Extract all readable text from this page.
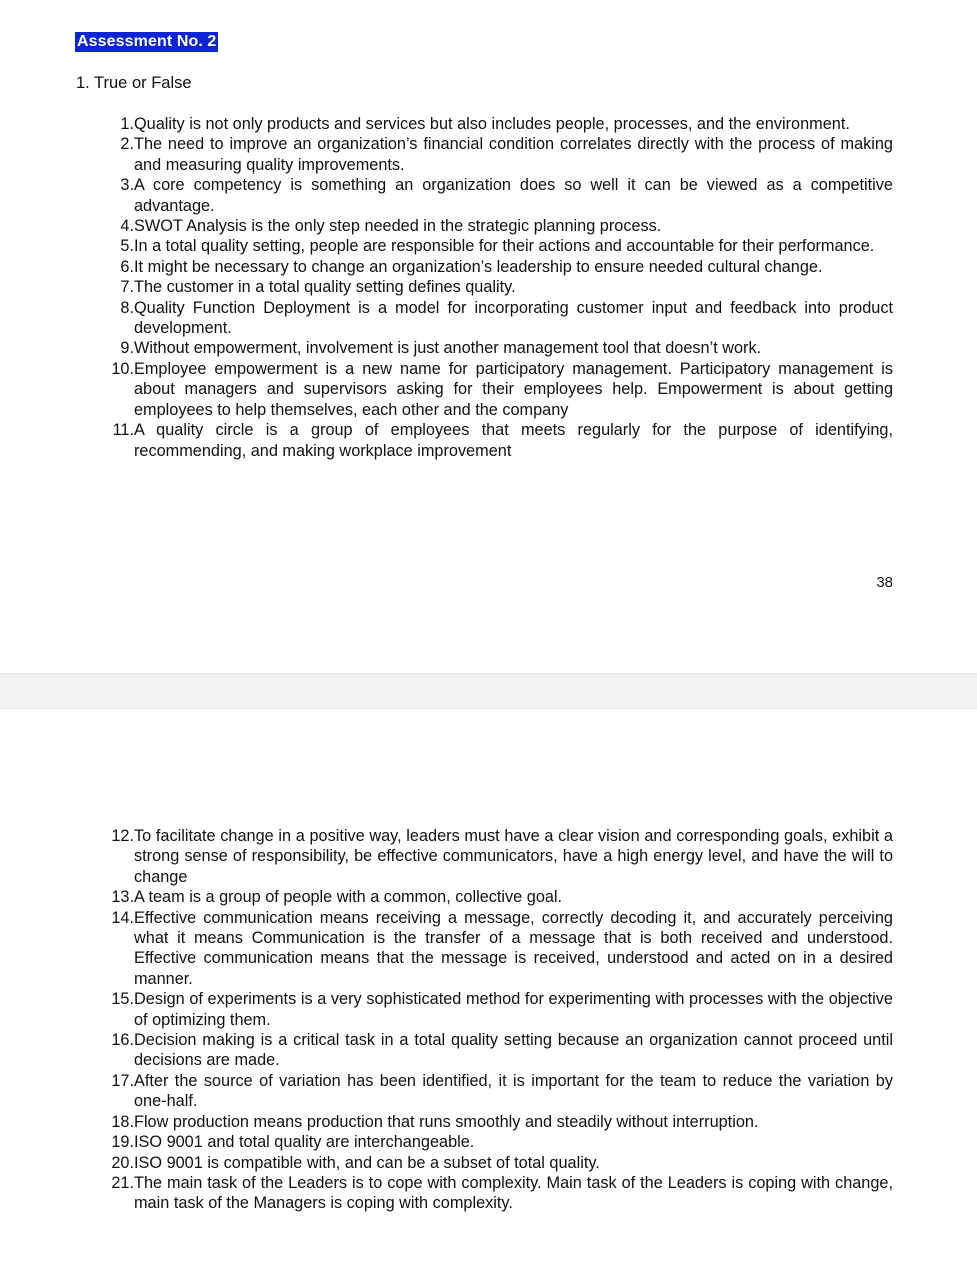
Assessment No. 2
1. True or False
1. Quality is not only products and services but also includes people, processes, and the environment.
2. The need to improve an organization’s financial condition correlates directly with the process of making and measuring quality improvements.
3. A core competency is something an organization does so well it can be viewed as a competitive advantage.
4. SWOT Analysis is the only step needed in the strategic planning process.
5. In a total quality setting, people are responsible for their actions and accountable for their performance.
6. It might be necessary to change an organization’s leadership to ensure needed cultural change.
7. The customer in a total quality setting defines quality.
8. Quality Function Deployment is a model for incorporating customer input and feedback into product development.
9. Without empowerment, involvement is just another management tool that doesn’t work.
10. Employee empowerment is a new name for participatory management. Participatory management is about managers and supervisors asking for their employees help. Empowerment is about getting employees to help themselves, each other and the company
11. A quality circle is a group of employees that meets regularly for the purpose of identifying, recommending, and making workplace improvement
38
12. To facilitate change in a positive way, leaders must have a clear vision and corresponding goals, exhibit a strong sense of responsibility, be effective communicators, have a high energy level, and have the will to change
13. A team is a group of people with a common, collective goal.
14. Effective communication means receiving a message, correctly decoding it, and accurately perceiving what it means Communication is the transfer of a message that is both received and understood. Effective communication means that the message is received, understood and acted on in a desired manner.
15. Design of experiments is a very sophisticated method for experimenting with processes with the objective of optimizing them.
16. Decision making is a critical task in a total quality setting because an organization cannot proceed until decisions are made.
17. After the source of variation has been identified, it is important for the team to reduce the variation by one-half.
18. Flow production means production that runs smoothly and steadily without interruption.
19. ISO 9001 and total quality are interchangeable.
20. ISO 9001 is compatible with, and can be a subset of total quality.
21. The main task of the Leaders is to cope with complexity. Main task of the Leaders is coping with change, main task of the Managers is coping with complexity.
